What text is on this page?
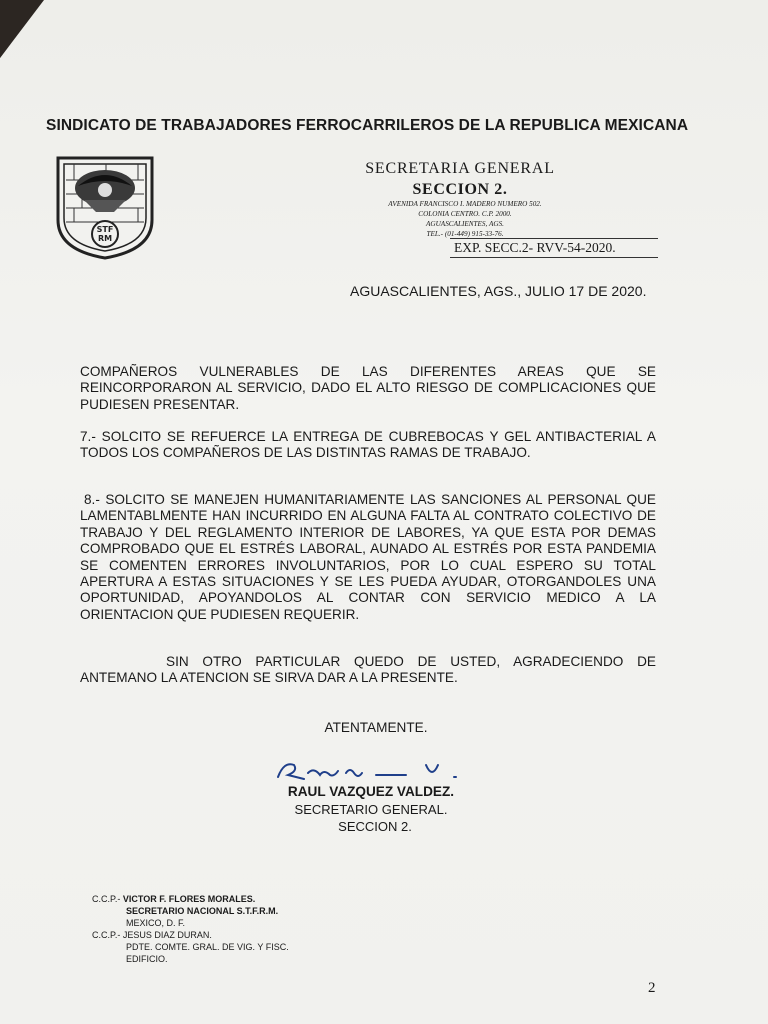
SINDICATO DE TRABAJADORES FERROCARRILEROS DE LA REPUBLICA MEXICANA
STF
RM
SECRETARIA GENERAL
SECCION 2.
AVENIDA FRANCISCO I. MADERO NUMERO 502.
COLONIA CENTRO. C.P. 2000.
AGUASCALIENTES, AGS.
TEL.- (01-449) 915-33-76.
EXP. SECC.2- RVV-54-2020.
AGUASCALIENTES, AGS., JULIO 17 DE 2020.
COMPAÑEROS VULNERABLES DE LAS DIFERENTES AREAS QUE SE REINCORPORARON AL SERVICIO, DADO EL ALTO RIESGO DE COMPLICACIONES QUE PUDIESEN PRESENTAR.
7.- SOLCITO SE REFUERCE LA ENTREGA DE CUBREBOCAS Y GEL ANTIBACTERIAL A TODOS LOS COMPAÑEROS DE LAS DISTINTAS RAMAS DE TRABAJO.
8.- SOLCITO SE MANEJEN HUMANITARIAMENTE LAS SANCIONES AL PERSONAL QUE LAMENTABLMENTE HAN INCURRIDO EN ALGUNA FALTA AL CONTRATO COLECTIVO DE TRABAJO Y DEL REGLAMENTO INTERIOR DE LABORES, YA QUE ESTA POR DEMAS COMPROBADO QUE EL ESTRÉS LABORAL, AUNADO AL ESTRÉS POR ESTA PANDEMIA SE COMENTEN ERRORES INVOLUNTARIOS, POR LO CUAL ESPERO SU TOTAL APERTURA A ESTAS SITUACIONES Y SE LES PUEDA AYUDAR, OTORGANDOLES UNA OPORTUNIDAD, APOYANDOLOS AL CONTAR CON SERVICIO MEDICO A LA ORIENTACION QUE PUDIESEN REQUERIR.
SIN OTRO PARTICULAR QUEDO DE USTED, AGRADECIENDO DE ANTEMANO LA ATENCION SE SIRVA DAR A LA PRESENTE.
ATENTAMENTE.
RAUL VAZQUEZ VALDEZ.
SECRETARIO GENERAL.
SECCION 2.
C.C.P.- VICTOR F. FLORES MORALES.
SECRETARIO NACIONAL S.T.F.R.M.
MEXICO, D. F.
C.C.P.- JESUS DIAZ DURAN.
PDTE. COMTE. GRAL. DE VIG. Y FISC.
EDIFICIO.
2
